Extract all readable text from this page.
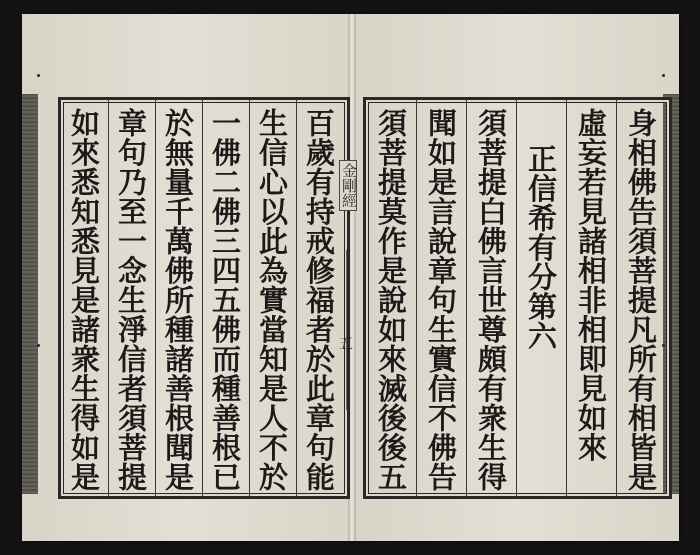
身相佛告須菩提凡所有相皆是
虛妄若見諸相非相即見如來
正信希有分第六
須菩提白佛言世尊頗有衆生得
聞如是言說章句生實信不佛告
須菩提莫作是說如來滅後後五
百歲有持戒修福者於此章句能
生信心以此為實當知是人不於
一佛二佛三四五佛而種善根已
於無量千萬佛所種諸善根聞是
章句乃至一念生淨信者須菩提
如來悉知悉見是諸衆生得如是	金剛經
五
